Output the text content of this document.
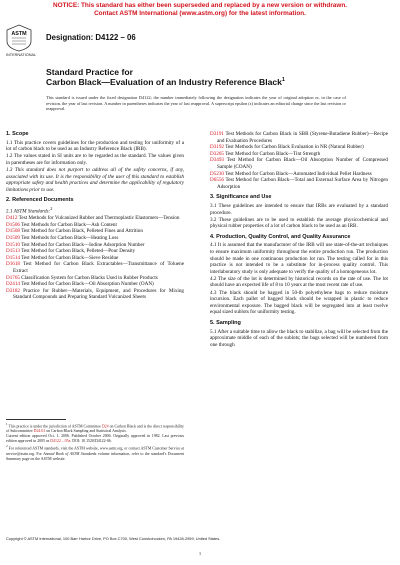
NOTICE: This standard has either been superseded and replaced by a new version or withdrawn.
Contact ASTM International (www.astm.org) for the latest information.
ASTM
INTERNATIONAL
Designation: D4122 – 06
Standard Practice for
Carbon Black—Evaluation of an Industry Reference Black$^1$
This standard is issued under the fixed designation D4122; the number immediately following the designation indicates the year of original adoption or, in the case of revision, the year of last revision. A number in parentheses indicates the year of last reapproval. A superscript epsilon (ε) indicates an editorial change since the last revision or reapproval.
1. Scope

1.1 This practice covers guidelines for the production and testing for uniformity of a lot of carbon black to be used as an Industry Reference Black (IRB).

1.2 The values stated in SI units are to be regarded as the standard. The values given in parentheses are for information only.

1.3 This standard does not purport to address all of the safety concerns, if any, associated with its use. It is the responsibility of the user of this standard to establish appropriate safety and health practices and determine the applicability of regulatory limitations prior to use.

2. Referenced Documents

2.1 ASTM Standards:$^2$

D412 Test Methods for Vulcanized Rubber and Thermoplastic Elastomers—Tension

D1506 Test Methods for Carbon Black—Ash Content

D1508 Test Method for Carbon Black, Pelleted Fines and Attrition

D1509 Test Methods for Carbon Black—Heating Loss

D1510 Test Method for Carbon Black—Iodine Adsorption Number

D1513 Test Method for Carbon Black, Pelleted—Pour Density

D1514 Test Method for Carbon Black—Sieve Residue

D1618 Test Method for Carbon Black Extractables—Transmittance of Toluene Extract

D1765 Classification System for Carbon Blacks Used in Rubber Products

D2414 Test Method for Carbon Black—Oil Absorption Number (OAN)

D3182 Practice for Rubber—Materials, Equipment, and Procedures for Mixing Standard Compounds and Preparing Standard Vulcanized Sheets

$^1$ This practice is under the jurisdiction of ASTM Committee D24 on Carbon Black and is the direct responsibility of Subcommittee D24.61 on Carbon Black Sampling and Statistical Analysis.

Current edition approved Oct. 1, 2006. Published October 2006. Originally approved in 1982. Last previous edition approved in 2005 as D4122 – 05a. DOI: 10.1520/D4122-06.

$^2$ For referenced ASTM standards, visit the ASTM website, www.astm.org, or contact ASTM Customer Service at service@astm.org. For Annual Book of ASTM Standards volume information, refer to the standard's Document Summary page on the ASTM website.

D3191 Test Methods for Carbon Black in SBR (Styrene-Butadiene Rubber)—Recipe and Evaluation Procedures

D3192 Test Methods for Carbon Black Evaluation in NR (Natural Rubber)

D3265 Test Method for Carbon Black—Tint Strength

D3493 Test Method for Carbon Black—Oil Absorption Number of Compressed Sample (COAN)

D5230 Test Method for Carbon Black—Automated Individual Pellet Hardness

D6556 Test Method for Carbon Black—Total and External Surface Area by Nitrogen Adsorption

3. Significance and Use

3.1 These guidelines are intended to ensure that IRBs are evaluated by a standard procedure.

3.2 These guidelines are to be used to establish the average physicochemical and physical rubber properties of a lot of carbon black to be used as an IRB.

4. Production, Quality Control, and Quality Assurance

4.1 It is assumed that the manufacturer of the IRB will use state-of-the-art techniques to ensure maximum uniformity throughout the entire production run. The production should be made in one continuous production lot run. The testing called for in this practice is not intended to be a substitute for in-process quality control. This interlaboratory study is only adequate to verify the quality of a homogeneous lot.

4.2 The size of the lot is determined by historical records on the rate of use. The lot should have an expected life of 8 to 10 years at the most recent rate of use.

4.3 The black should be bagged in 50-lb polyethylene bags to reduce moisture incursion. Each pallet of bagged black should be wrapped in plastic to reduce environmental exposure. The bagged black will be segregated into at least twelve equal sized sublots for uniformity testing.

5. Sampling

5.1 After a suitable time to allow the black to stabilize, a bag will be selected from the approximate middle of each of the sublots; the bags selected will be numbered from one through

Copyright © ASTM International, 100 Barr Harbor Drive, PO Box C700, West Conshohocken, PA 19428-2959, United States.
1
